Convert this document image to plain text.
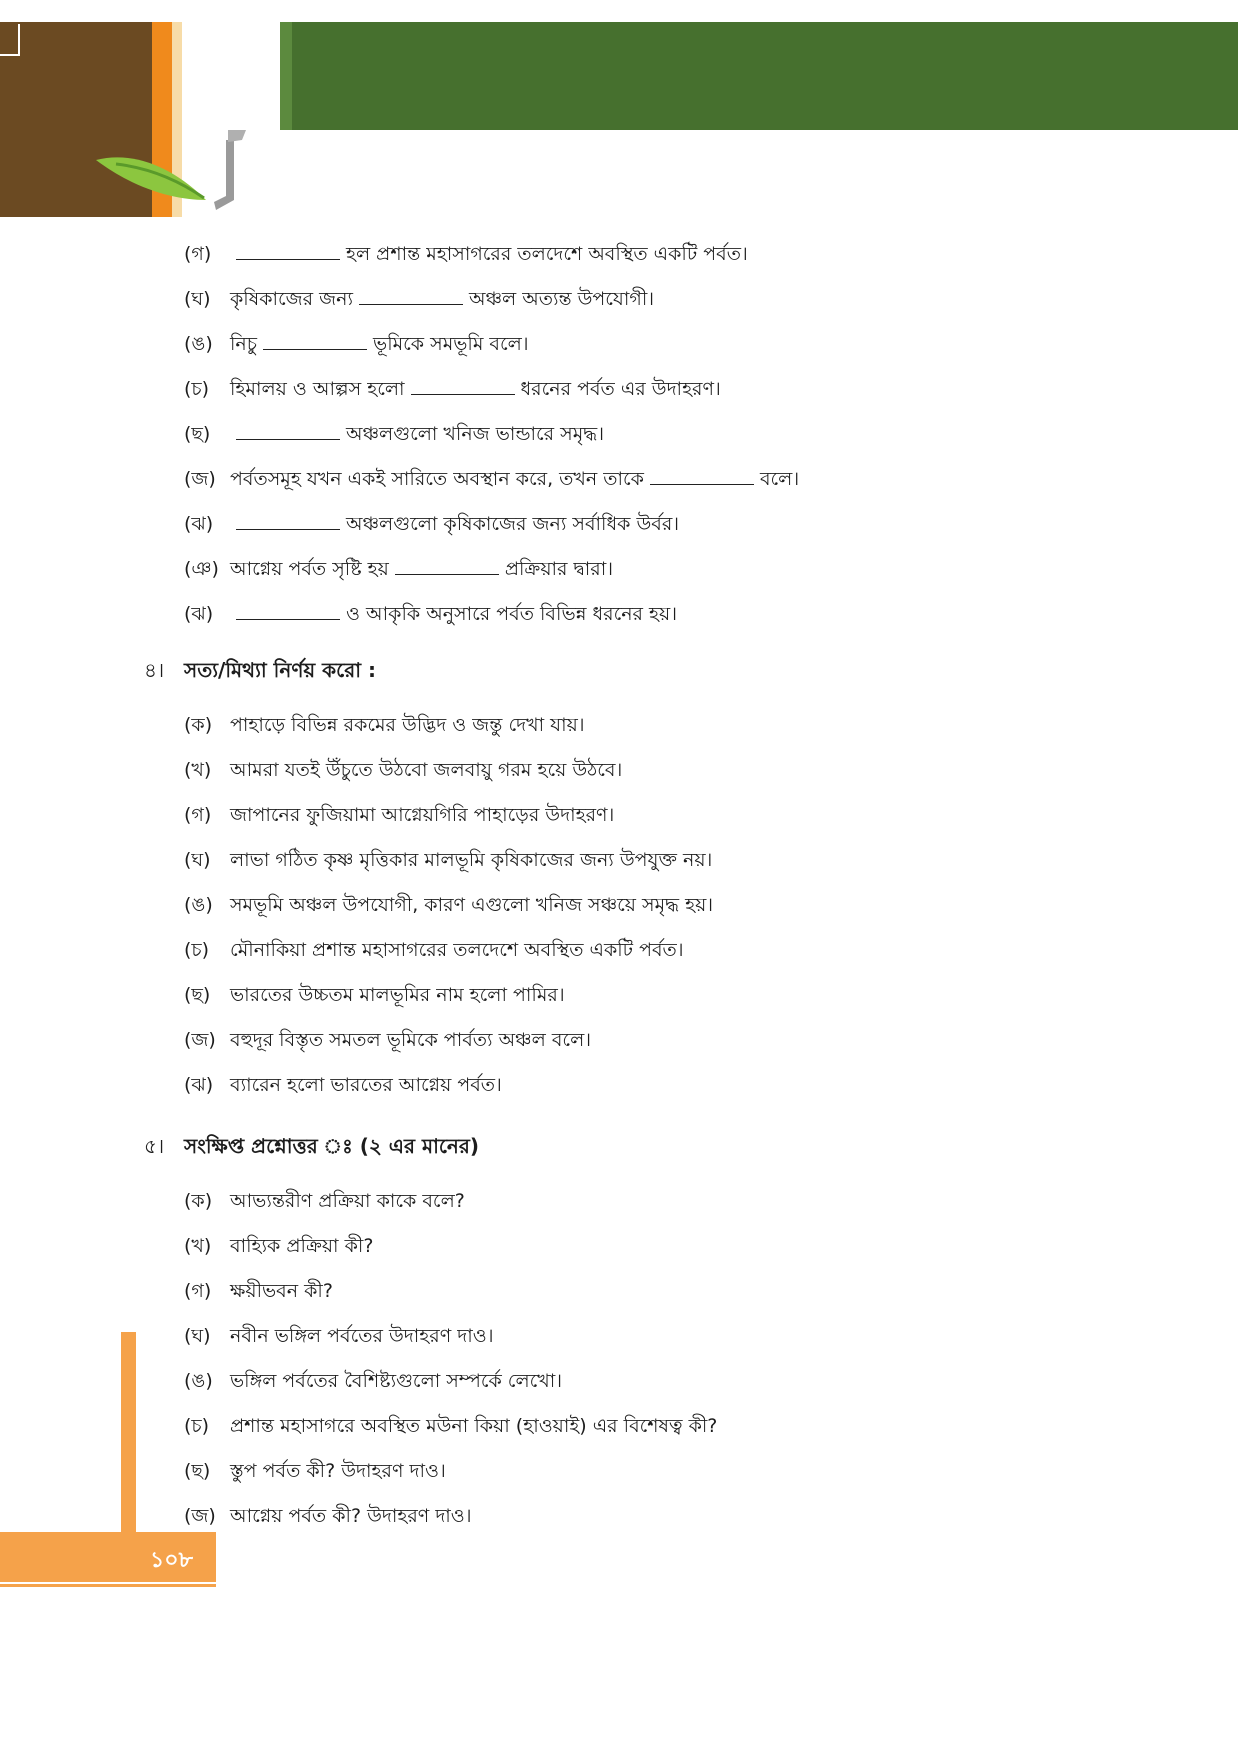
(গ)	হল প্রশান্ত মহাসাগরের তলদেশে অবস্থিত একটি পর্বত।
(ঘ) কৃষিকাজের জন্য	অঞ্চল অত্যন্ত উপযোগী।
(ঙ) নিচু	ভূমিকে সমভূমি বলে।
(চ) হিমালয় ও আল্পস হলো	ধরনের পর্বত এর উদাহরণ।
(ছ)	অঞ্চলগুলো খনিজ ভান্ডারে সমৃদ্ধ।
(জ) পর্বতসমূহ যখন একই সারিতে অবস্থান করে, তখন তাকে	বলে।
(ঝ)	অঞ্চলগুলো কৃষিকাজের জন্য সর্বাধিক উর্বর।
(ঞ) আগ্নেয় পর্বত সৃষ্টি হয়	প্রক্রিয়ার দ্বারা।
(ঝ)	ও আকৃকি অনুসারে পর্বত বিভিন্ন ধরনের হয়।
৪। সত্য/মিথ্যা নির্ণয় করো :
(ক) পাহাড়ে বিভিন্ন রকমের উদ্ভিদ ও জন্তু দেখা যায়।
(খ) আমরা যতই উঁচুতে উঠবো জলবায়ু গরম হয়ে উঠবে।
(গ) জাপানের ফুজিয়ামা আগ্নেয়গিরি পাহাড়ের উদাহরণ।
(ঘ) লাভা গঠিত কৃষ্ণ মৃত্তিকার মালভূমি কৃষিকাজের জন্য উপযুক্ত নয়।
(ঙ) সমভূমি অঞ্চল উপযোগী, কারণ এগুলো খনিজ সঞ্চয়ে সমৃদ্ধ হয়।
(চ) মৌনাকিয়া প্রশান্ত মহাসাগরের তলদেশে অবস্থিত একটি পর্বত।
(ছ) ভারতের উচ্চতম মালভূমির নাম হলো পামির।
(জ) বহুদূর বিস্তৃত সমতল ভূমিকে পার্বত্য অঞ্চল বলে।
(ঝ) ব্যারেন হলো ভারতের আগ্নেয় পর্বত।
৫। সংক্ষিপ্ত প্রশ্নোত্তর ঃ (২ এর মানের)
(ক) আভ্যন্তরীণ প্রক্রিয়া কাকে বলে?
(খ) বাহ্যিক প্রক্রিয়া কী?
(গ) ক্ষয়ীভবন কী?
(ঘ) নবীন ভঙ্গিল পর্বতের উদাহরণ দাও।
(ঙ) ভঙ্গিল পর্বতের বৈশিষ্ট্যগুলো সম্পর্কে লেখো।
(চ) প্রশান্ত মহাসাগরে অবস্থিত মউনা কিয়া (হাওয়াই) এর বিশেষত্ব কী?
(ছ) স্তুপ পর্বত কী? উদাহরণ দাও।
(জ) আগ্নেয় পর্বত কী? উদাহরণ দাও।
১০৮
